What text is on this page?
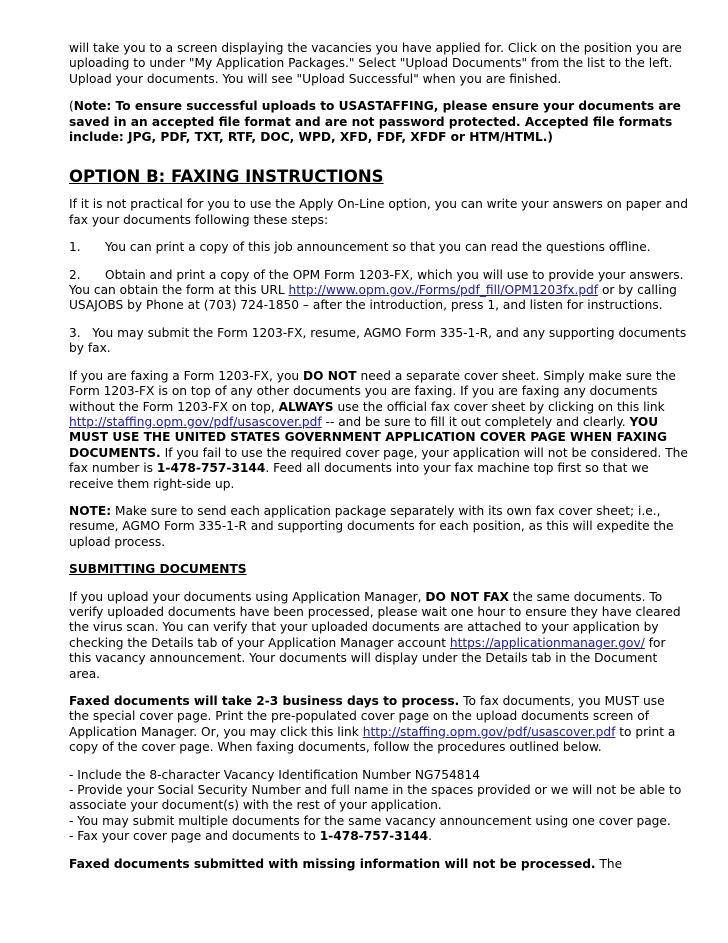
will take you to a screen displaying the vacancies you have applied for. Click on the position you are uploading to under "My Application Packages." Select "Upload Documents" from the list to the left. Upload your documents. You will see "Upload Successful" when you are finished.

(Note: To ensure successful uploads to USASTAFFING, please ensure your documents are saved in an accepted file format and are not password protected. Accepted file formats include: JPG, PDF, TXT, RTF, DOC, WPD, XFD, FDF, XFDF or HTM/HTML.)

OPTION B: FAXING INSTRUCTIONS

If it is not practical for you to use the Apply On-Line option, you can write your answers on paper and fax your documents following these steps:

1. You can print a copy of this job announcement so that you can read the questions offline.

2. Obtain and print a copy of the OPM Form 1203-FX, which you will use to provide your answers. You can obtain the form at this URL http://www.opm.gov./Forms/pdf_fill/OPM1203fx.pdf or by calling USAJOBS by Phone at (703) 724-1850 – after the introduction, press 1, and listen for instructions.

3. You may submit the Form 1203-FX, resume, AGMO Form 335-1-R, and any supporting documents by fax.

If you are faxing a Form 1203-FX, you DO NOT need a separate cover sheet. Simply make sure the Form 1203-FX is on top of any other documents you are faxing. If you are faxing any documents without the Form 1203-FX on top, ALWAYS use the official fax cover sheet by clicking on this link http://staffing.opm.gov/pdf/usascover.pdf -- and be sure to fill it out completely and clearly. YOU MUST USE THE UNITED STATES GOVERNMENT APPLICATION COVER PAGE WHEN FAXING DOCUMENTS. If you fail to use the required cover page, your application will not be considered. The fax number is 1-478-757-3144. Feed all documents into your fax machine top first so that we receive them right-side up.

NOTE: Make sure to send each application package separately with its own fax cover sheet; i.e., resume, AGMO Form 335-1-R and supporting documents for each position, as this will expedite the upload process.

SUBMITTING DOCUMENTS

If you upload your documents using Application Manager, DO NOT FAX the same documents. To verify uploaded documents have been processed, please wait one hour to ensure they have cleared the virus scan. You can verify that your uploaded documents are attached to your application by checking the Details tab of your Application Manager account https://applicationmanager.gov/ for this vacancy announcement. Your documents will display under the Details tab in the Document area.

Faxed documents will take 2-3 business days to process. To fax documents, you MUST use the special cover page. Print the pre-populated cover page on the upload documents screen of Application Manager. Or, you may click this link http://staffing.opm.gov/pdf/usascover.pdf to print a copy of the cover page. When faxing documents, follow the procedures outlined below.

- Include the 8-character Vacancy Identification Number NG754814

- Provide your Social Security Number and full name in the spaces provided or we will not be able to associate your document(s) with the rest of your application.

- You may submit multiple documents for the same vacancy announcement using one cover page.

- Fax your cover page and documents to 1-478-757-3144.

Faxed documents submitted with missing information will not be processed. The
